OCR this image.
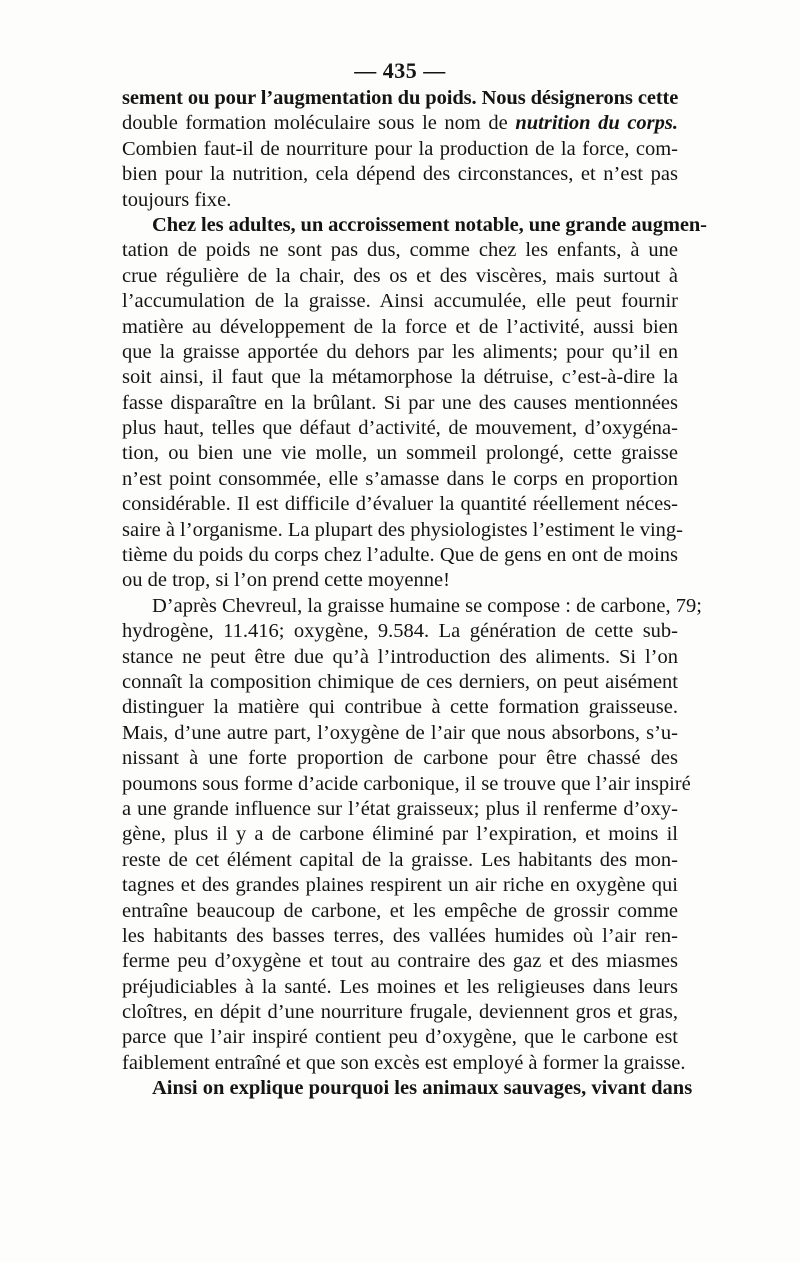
— 435 —
sement ou pour l’augmentation du poids. Nous désignerons cette
double formation moléculaire sous le nom de nutrition du corps.
Combien faut-il de nourriture pour la production de la force, com-
bien pour la nutrition, cela dépend des circonstances, et n’est pas
toujours fixe.
Chez les adultes, un accroissement notable, une grande augmen-
tation de poids ne sont pas dus, comme chez les enfants, à une
crue régulière de la chair, des os et des viscères, mais surtout à
l’accumulation de la graisse. Ainsi accumulée, elle peut fournir
matière au développement de la force et de l’activité, aussi bien
que la graisse apportée du dehors par les aliments; pour qu’il en
soit ainsi, il faut que la métamorphose la détruise, c’est-à-dire la
fasse disparaître en la brûlant. Si par une des causes mentionnées
plus haut, telles que défaut d’activité, de mouvement, d’oxygéna-
tion, ou bien une vie molle, un sommeil prolongé, cette graisse
n’est point consommée, elle s’amasse dans le corps en proportion
considérable. Il est difficile d’évaluer la quantité réellement néces-
saire à l’organisme. La plupart des physiologistes l’estiment le ving-
tième du poids du corps chez l’adulte. Que de gens en ont de moins
ou de trop, si l’on prend cette moyenne!
D’après Chevreul, la graisse humaine se compose : de carbone, 79;
hydrogène, 11.416; oxygène, 9.584. La génération de cette sub-
stance ne peut être due qu’à l’introduction des aliments. Si l’on
connaît la composition chimique de ces derniers, on peut aisément
distinguer la matière qui contribue à cette formation graisseuse.
Mais, d’une autre part, l’oxygène de l’air que nous absorbons, s’u-
nissant à une forte proportion de carbone pour être chassé des
poumons sous forme d’acide carbonique, il se trouve que l’air inspiré
a une grande influence sur l’état graisseux; plus il renferme d’oxy-
gène, plus il y a de carbone éliminé par l’expiration, et moins il
reste de cet élément capital de la graisse. Les habitants des mon-
tagnes et des grandes plaines respirent un air riche en oxygène qui
entraîne beaucoup de carbone, et les empêche de grossir comme
les habitants des basses terres, des vallées humides où l’air ren-
ferme peu d’oxygène et tout au contraire des gaz et des miasmes
préjudiciables à la santé. Les moines et les religieuses dans leurs
cloîtres, en dépit d’une nourriture frugale, deviennent gros et gras,
parce que l’air inspiré contient peu d’oxygène, que le carbone est
faiblement entraîné et que son excès est employé à former la graisse.
Ainsi on explique pourquoi les animaux sauvages, vivant dans
